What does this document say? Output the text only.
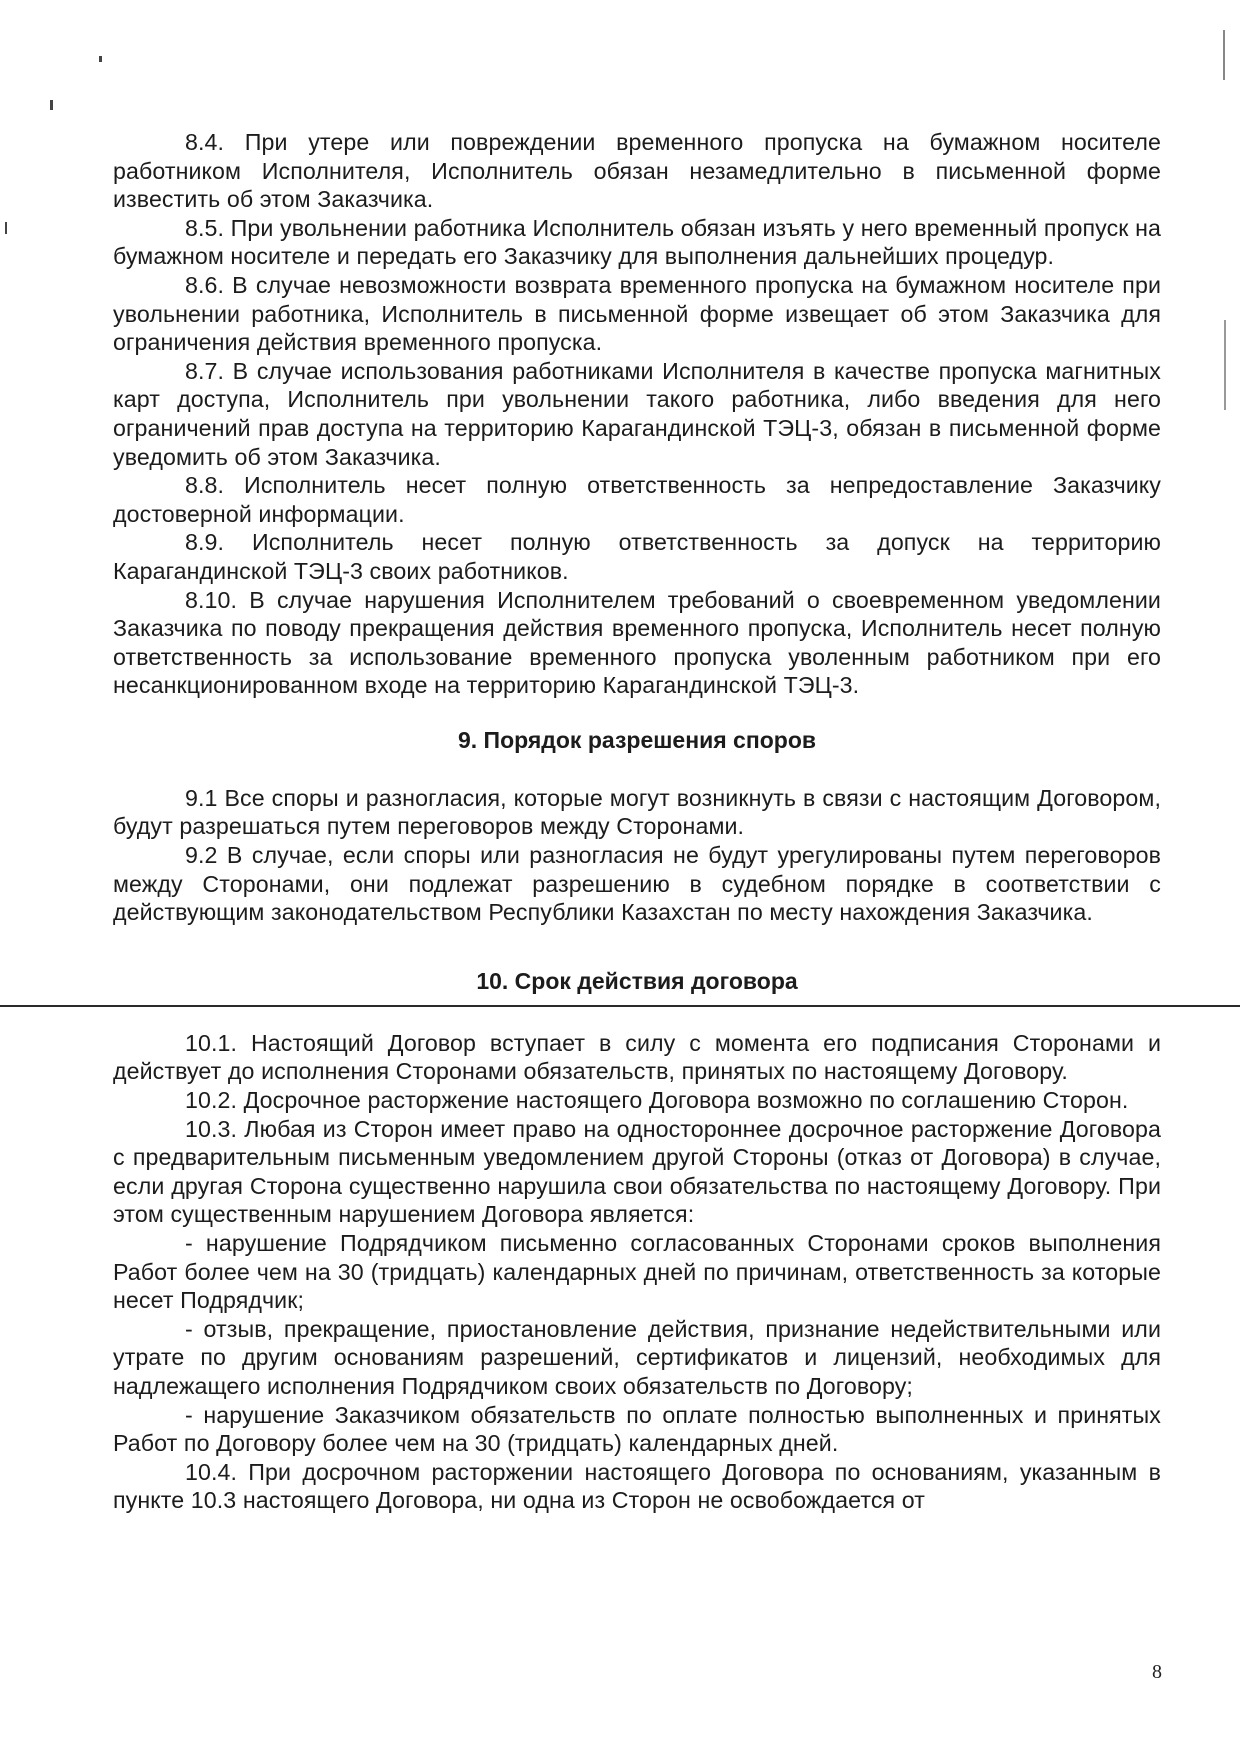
8.4. При утере или повреждении временного пропуска на бумажном носителе работником Исполнителя, Исполнитель обязан незамедлительно в письменной форме известить об этом Заказчика.

8.5. При увольнении работника Исполнитель обязан изъять у него временный пропуск на бумажном носителе и передать его Заказчику для выполнения дальнейших процедур.

8.6. В случае невозможности возврата временного пропуска на бумажном носителе при увольнении работника, Исполнитель в письменной форме извещает об этом Заказчика для ограничения действия временного пропуска.

8.7. В случае использования работниками Исполнителя в качестве пропуска магнитных карт доступа, Исполнитель при увольнении такого работника, либо введения для него ограничений прав доступа на территорию Карагандинской ТЭЦ-3, обязан в письменной форме уведомить об этом Заказчика.

8.8. Исполнитель несет полную ответственность за непредоставление Заказчику достоверной информации.

8.9. Исполнитель несет полную ответственность за допуск на территорию Карагандинской ТЭЦ-3 своих работников.

8.10. В случае нарушения Исполнителем требований о своевременном уведомлении Заказчика по поводу прекращения действия временного пропуска, Исполнитель несет полную ответственность за использование временного пропуска уволенным работником при его несанкционированном входе на территорию Карагандинской ТЭЦ-3.

9. Порядок разрешения споров

9.1 Все споры и разногласия, которые могут возникнуть в связи с настоящим Договором, будут разрешаться путем переговоров между Сторонами.

9.2 В случае, если споры или разногласия не будут урегулированы путем переговоров между Сторонами, они подлежат разрешению в судебном порядке в соответствии с действующим законодательством Республики Казахстан по месту нахождения Заказчика.

10. Срок действия договора

10.1. Настоящий Договор вступает в силу с момента его подписания Сторонами и действует до исполнения Сторонами обязательств, принятых по настоящему Договору.

10.2. Досрочное расторжение настоящего Договора возможно по соглашению Сторон.

10.3. Любая из Сторон имеет право на одностороннее досрочное расторжение Договора с предварительным письменным уведомлением другой Стороны (отказ от Договора) в случае, если другая Сторона существенно нарушила свои обязательства по настоящему Договору. При этом существенным нарушением Договора является:

- нарушение Подрядчиком письменно согласованных Сторонами сроков выполнения Работ более чем на 30 (тридцать) календарных дней по причинам, ответственность за которые несет Подрядчик;

- отзыв, прекращение, приостановление действия, признание недействительными или утрате по другим основаниям разрешений, сертификатов и лицензий, необходимых для надлежащего исполнения Подрядчиком своих обязательств по Договору;

- нарушение Заказчиком обязательств по оплате полностью выполненных и принятых Работ по Договору более чем на 30 (тридцать) календарных дней.

10.4. При досрочном расторжении настоящего Договора по основаниям, указанным в пункте 10.3 настоящего Договора, ни одна из Сторон не освобождается от

8
